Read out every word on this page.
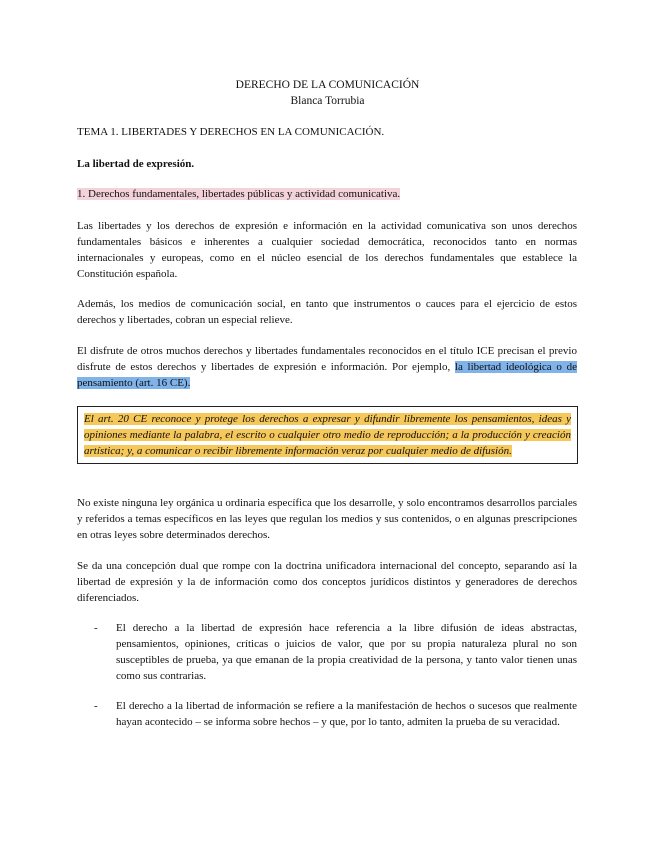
DERECHO DE LA COMUNICACIÓN
Blanca Torrubia
TEMA 1. LIBERTADES Y DERECHOS EN LA COMUNICACIÓN.
La libertad de expresión.
1. Derechos fundamentales, libertades públicas y actividad comunicativa.
Las libertades y los derechos de expresión e información en la actividad comunicativa son unos derechos fundamentales básicos e inherentes a cualquier sociedad democrática, reconocidos tanto en normas internacionales y europeas, como en el núcleo esencial de los derechos fundamentales que establece la Constitución española.
Además, los medios de comunicación social, en tanto que instrumentos o cauces para el ejercicio de estos derechos y libertades, cobran un especial relieve.
El disfrute de otros muchos derechos y libertades fundamentales reconocidos en el título ICE precisan el previo disfrute de estos derechos y libertades de expresión e información. Por ejemplo, la libertad ideológica o de pensamiento (art. 16 CE).
El art. 20 CE reconoce y protege los derechos a expresar y difundir libremente los pensamientos, ideas y opiniones mediante la palabra, el escrito o cualquier otro medio de reproducción; a la producción y creación artística; y, a comunicar o recibir libremente información veraz por cualquier medio de difusión.
No existe ninguna ley orgánica u ordinaria específica que los desarrolle, y solo encontramos desarrollos parciales y referidos a temas específicos en las leyes que regulan los medios y sus contenidos, o en algunas prescripciones en otras leyes sobre determinados derechos.
Se da una concepción dual que rompe con la doctrina unificadora internacional del concepto, separando así la libertad de expresión y la de información como dos conceptos jurídicos distintos y generadores de derechos diferenciados.
- El derecho a la libertad de expresión hace referencia a la libre difusión de ideas abstractas, pensamientos, opiniones, críticas o juicios de valor, que por su propia naturaleza plural no son susceptibles de prueba, ya que emanan de la propia creatividad de la persona, y tanto valor tienen unas como sus contrarias.
- El derecho a la libertad de información se refiere a la manifestación de hechos o sucesos que realmente hayan acontecido – se informa sobre hechos – y que, por lo tanto, admiten la prueba de su veracidad.
